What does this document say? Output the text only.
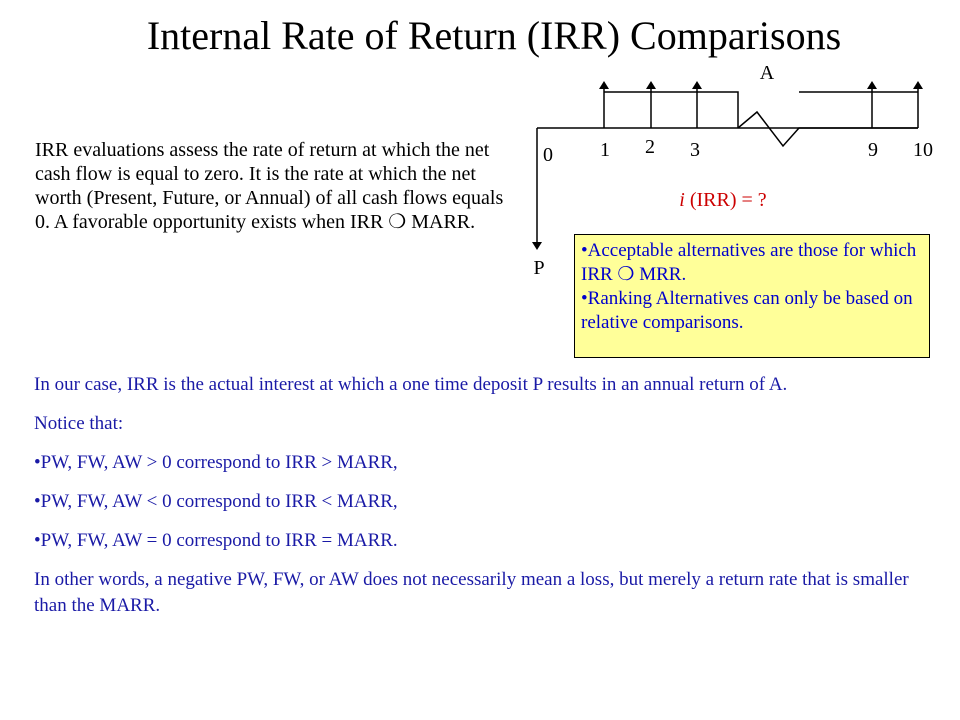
Internal Rate of Return (IRR) Comparisons
IRR evaluations assess the rate of return at which the net cash flow is equal to zero. It is the rate at which the net worth (Present, Future, or Annual) of all cash flows equals 0. A favorable opportunity exists when IRR ❍ MARR.
A
P
0 1 2 3	9 10
i (IRR) = ?

•Acceptable alternatives are those for which IRR ❍ MRR.

•Ranking Alternatives can only be based on relative comparisons.

In our case, IRR is the actual interest at which a one time deposit P results in an annual return of A.

Notice that:

•PW, FW, AW > 0 correspond to IRR > MARR,

•PW, FW, AW < 0 correspond to IRR < MARR,

•PW, FW, AW = 0 correspond to IRR = MARR.

In other words, a negative PW, FW, or AW does not necessarily mean a loss, but merely a return rate that is smaller than the MARR.
